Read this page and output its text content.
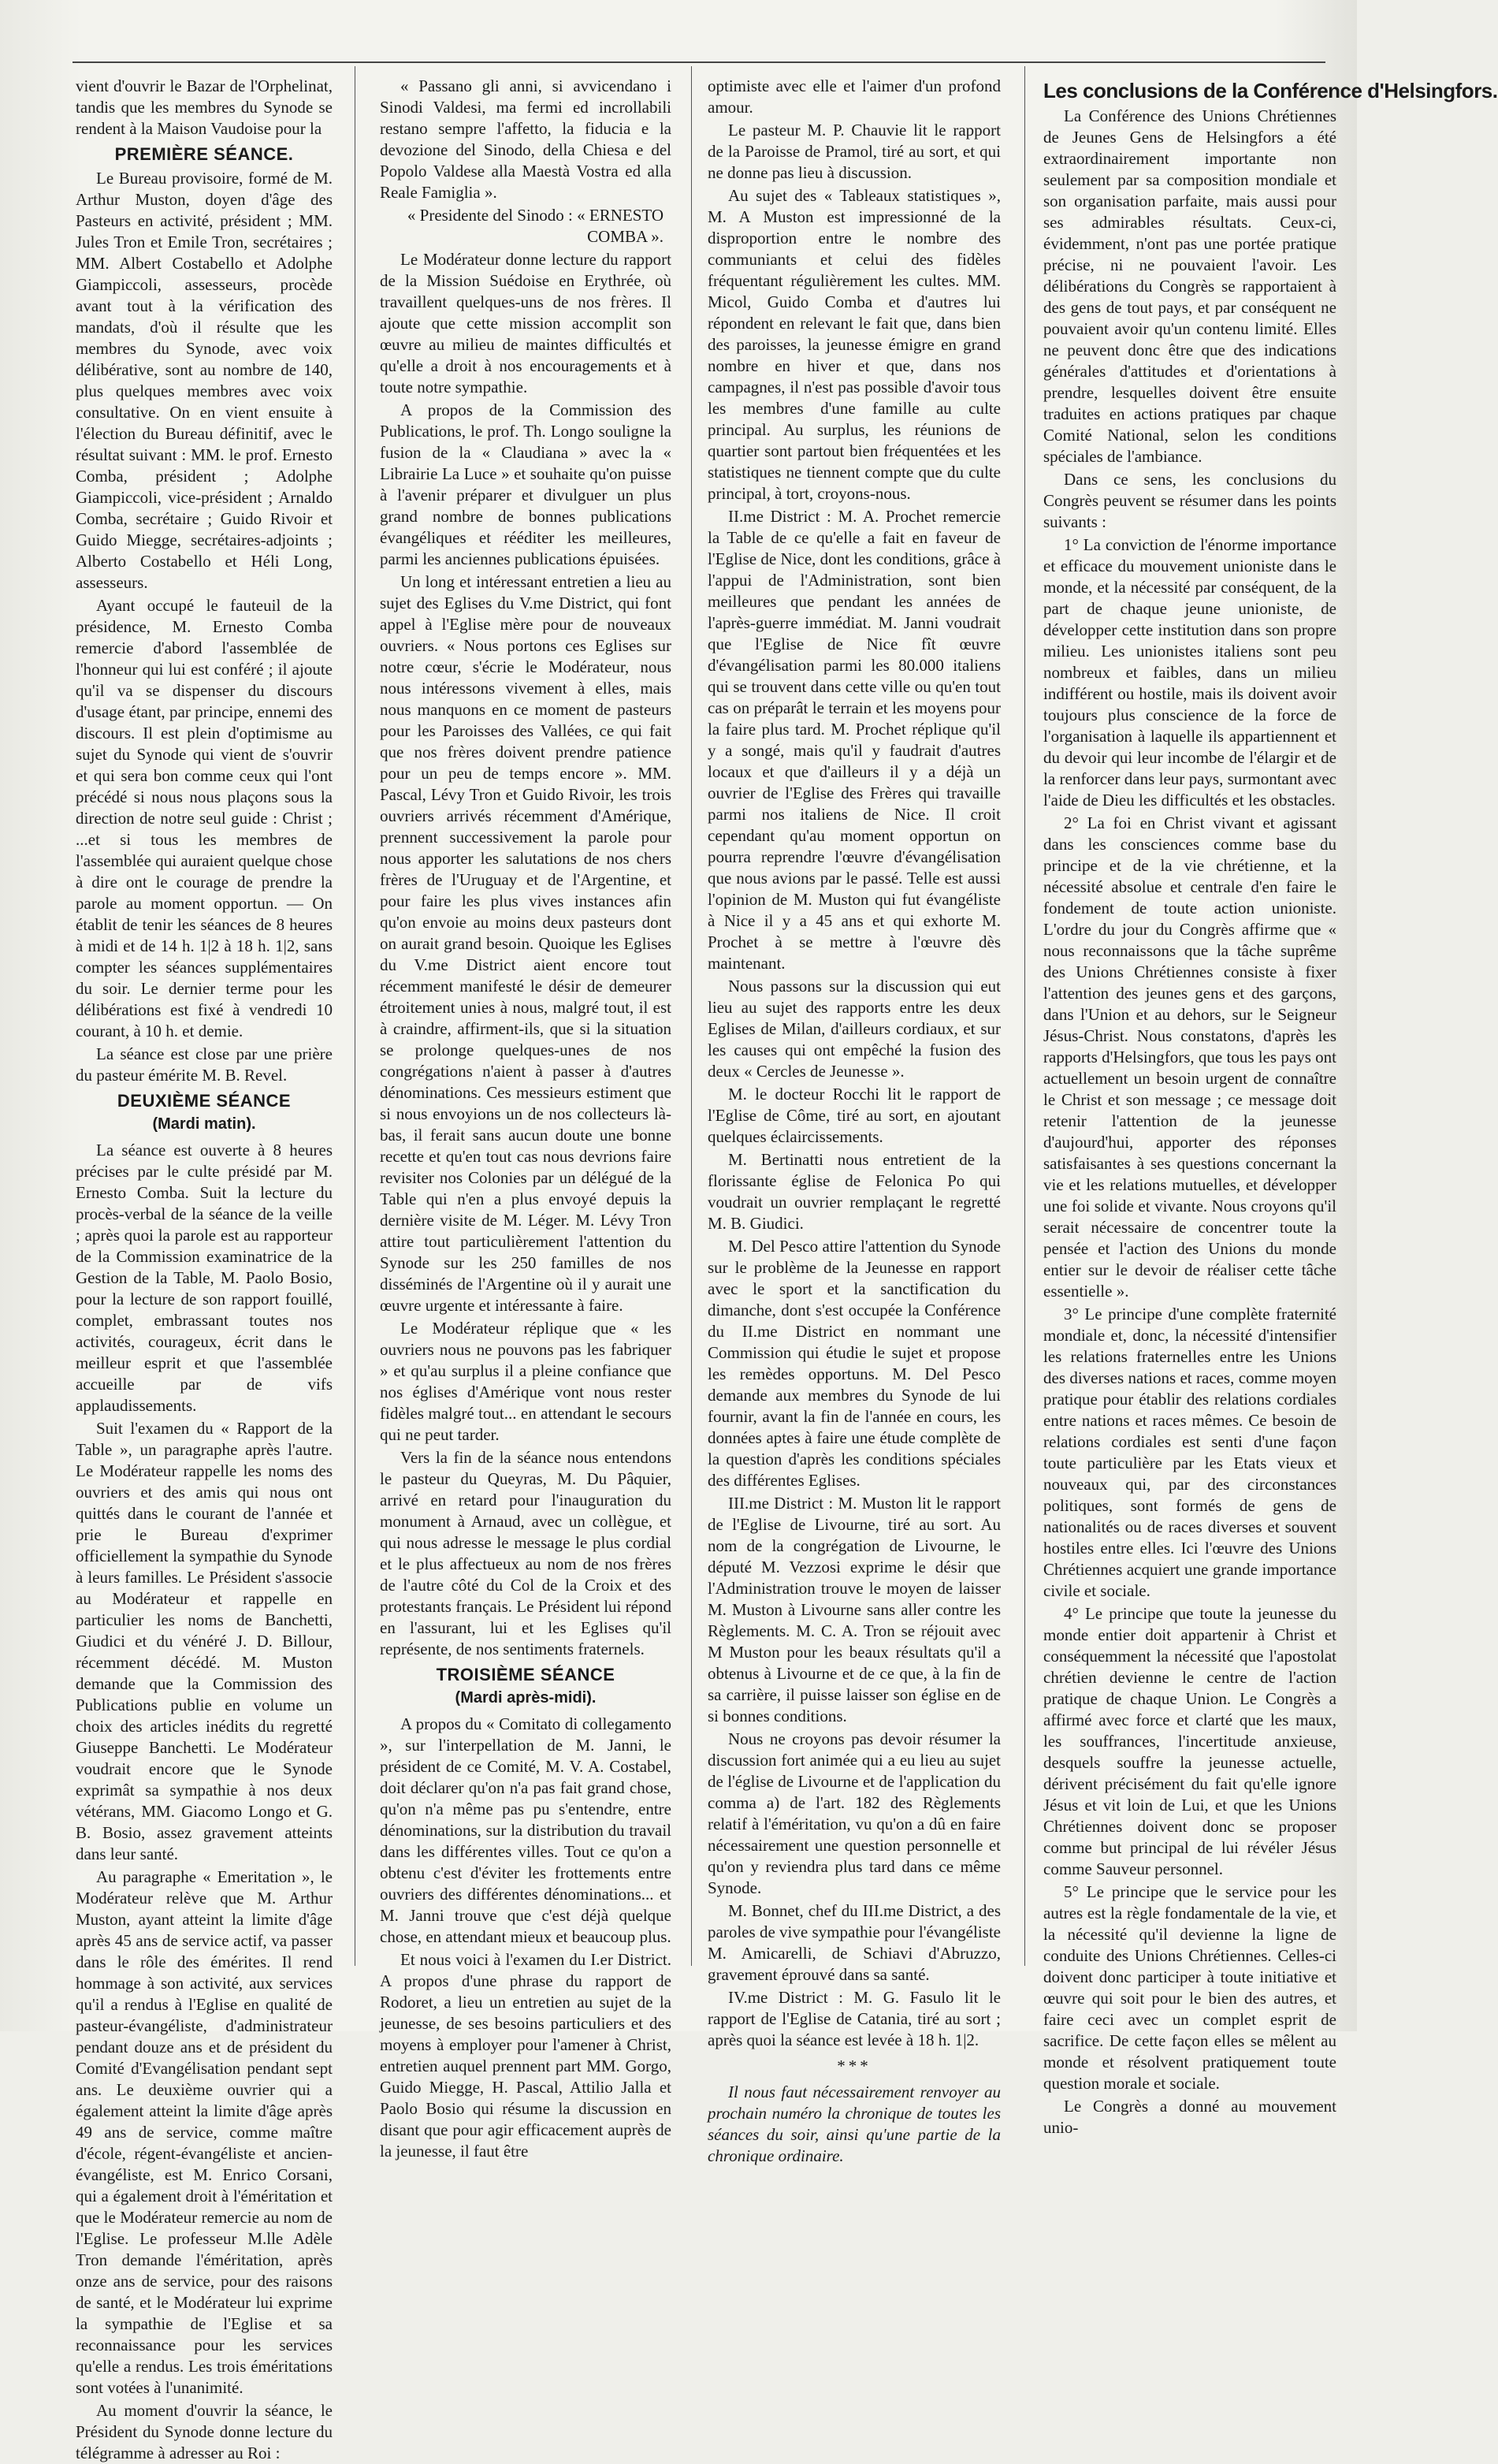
vient d'ouvrir le Bazar de l'Orphelinat, tandis que les membres du Synode se rendent à la Maison Vaudoise pour la

PREMIÈRE SÉANCE.

Le Bureau provisoire, formé de M. Arthur Muston, doyen d'âge des Pasteurs en activité, président ; MM. Jules Tron et Emile Tron, secrétaires ; MM. Albert Costabello et Adolphe Giampiccoli, assesseurs, procède avant tout à la vérification des mandats, d'où il résulte que les membres du Synode, avec voix délibérative, sont au nombre de 140, plus quelques membres avec voix consultative. On en vient ensuite à l'élection du Bureau définitif, avec le résultat suivant : MM. le prof. Ernesto Comba, président ; Adolphe Giampiccoli, vice-président ; Arnaldo Comba, secrétaire ; Guido Rivoir et Guido Miegge, secrétaires-adjoints ; Alberto Costabello et Héli Long, assesseurs.

Ayant occupé le fauteuil de la présidence, M. Ernesto Comba remercie d'abord l'assemblée de l'honneur qui lui est conféré ; il ajoute qu'il va se dispenser du discours d'usage étant, par principe, ennemi des discours. Il est plein d'optimisme au sujet du Synode qui vient de s'ouvrir et qui sera bon comme ceux qui l'ont précédé si nous nous plaçons sous la direction de notre seul guide : Christ ; ...et si tous les membres de l'assemblée qui auraient quelque chose à dire ont le courage de prendre la parole au moment opportun. — On établit de tenir les séances de 8 heures à midi et de 14 h. 1|2 à 18 h. 1|2, sans compter les séances supplémentaires du soir. Le dernier terme pour les délibérations est fixé à vendredi 10 courant, à 10 h. et demie.

La séance est close par une prière du pasteur émérite M. B. Revel.

DEUXIÈME SÉANCE
(Mardi matin).

La séance est ouverte à 8 heures précises par le culte présidé par M. Ernesto Comba. Suit la lecture du procès-verbal de la séance de la veille ; après quoi la parole est au rapporteur de la Commission examinatrice de la Gestion de la Table, M. Paolo Bosio, pour la lecture de son rapport fouillé, complet, embrassant toutes nos activités, courageux, écrit dans le meilleur esprit et que l'assemblée accueille par de vifs applaudissements.

Suit l'examen du « Rapport de la Table », un paragraphe après l'autre. Le Modérateur rappelle les noms des ouvriers et des amis qui nous ont quittés dans le courant de l'année et prie le Bureau d'exprimer officiellement la sympathie du Synode à leurs familles. Le Président s'associe au Modérateur et rappelle en particulier les noms de Banchetti, Giudici et du vénéré J. D. Billour, récemment décédé. M. Muston demande que la Commission des Publications publie en volume un choix des articles inédits du regretté Giuseppe Banchetti. Le Modérateur voudrait encore que le Synode exprimât sa sympathie à nos deux vétérans, MM. Giacomo Longo et G. B. Bosio, assez gravement atteints dans leur santé.

Au paragraphe « Emeritation », le Modérateur relève que M. Arthur Muston, ayant atteint la limite d'âge après 45 ans de service actif, va passer dans le rôle des émérites. Il rend hommage à son activité, aux services qu'il a rendus à l'Eglise en qualité de pasteur-évangéliste, d'administrateur pendant douze ans et de président du Comité d'Evangélisation pendant sept ans. Le deuxième ouvrier qui a également atteint la limite d'âge après 49 ans de service, comme maître d'école, régent-évangéliste et ancien-évangéliste, est M. Enrico Corsani, qui a également droit à l'éméritation et que le Modérateur remercie au nom de l'Eglise. Le professeur M.lle Adèle Tron demande l'éméritation, après onze ans de service, pour des raisons de santé, et le Modérateur lui exprime la sympathie de l'Eglise et sa reconnaissance pour les services qu'elle a rendus. Les trois éméritations sont votées à l'unanimité.

Au moment d'ouvrir la séance, le Président du Synode donne lecture du télégramme à adresser au Roi :

« Passano gli anni, si avvicendano i Sinodi Valdesi, ma fermi ed incrollabili restano sempre l'affetto, la fiducia e la devozione del Sinodo, della Chiesa e del Popolo Valdese alla Maestà Vostra ed alla Reale Famiglia ».

« Presidente del Sinodo : « ERNESTO COMBA ».

Le Modérateur donne lecture du rapport de la Mission Suédoise en Erythrée, où travaillent quelques-uns de nos frères. Il ajoute que cette mission accomplit son œuvre au milieu de maintes difficultés et qu'elle a droit à nos encouragements et à toute notre sympathie.

A propos de la Commission des Publications, le prof. Th. Longo souligne la fusion de la « Claudiana » avec la « Librairie La Luce » et souhaite qu'on puisse à l'avenir préparer et divulguer un plus grand nombre de bonnes publications évangéliques et rééditer les meilleures, parmi les anciennes publications épuisées.

Un long et intéressant entretien a lieu au sujet des Eglises du V.me District, qui font appel à l'Eglise mère pour de nouveaux ouvriers. « Nous portons ces Eglises sur notre cœur, s'écrie le Modérateur, nous nous intéressons vivement à elles, mais nous manquons en ce moment de pasteurs pour les Paroisses des Vallées, ce qui fait que nos frères doivent prendre patience pour un peu de temps encore ». MM. Pascal, Lévy Tron et Guido Rivoir, les trois ouvriers arrivés récemment d'Amérique, prennent successivement la parole pour nous apporter les salutations de nos chers frères de l'Uruguay et de l'Argentine, et pour faire les plus vives instances afin qu'on envoie au moins deux pasteurs dont on aurait grand besoin. Quoique les Eglises du V.me District aient encore tout récemment manifesté le désir de demeurer étroitement unies à nous, malgré tout, il est à craindre, affirment-ils, que si la situation se prolonge quelques-unes de nos congrégations n'aient à passer à d'autres dénominations. Ces messieurs estiment que si nous envoyions un de nos collecteurs là-bas, il ferait sans aucun doute une bonne recette et qu'en tout cas nous devrions faire revisiter nos Colonies par un délégué de la Table qui n'en a plus envoyé depuis la dernière visite de M. Léger. M. Lévy Tron attire tout particulièrement l'attention du Synode sur les 250 familles de nos disséminés de l'Argentine où il y aurait une œuvre urgente et intéressante à faire.

Le Modérateur réplique que « les ouvriers nous ne pouvons pas les fabriquer » et qu'au surplus il a pleine confiance que nos églises d'Amérique vont nous rester fidèles malgré tout... en attendant le secours qui ne peut tarder.

Vers la fin de la séance nous entendons le pasteur du Queyras, M. Du Pâquier, arrivé en retard pour l'inauguration du monument à Arnaud, avec un collègue, et qui nous adresse le message le plus cordial et le plus affectueux au nom de nos frères de l'autre côté du Col de la Croix et des protestants français. Le Président lui répond en l'assurant, lui et les Eglises qu'il représente, de nos sentiments fraternels.

TROISIÈME SÉANCE
(Mardi après-midi).

A propos du « Comitato di collegamento », sur l'interpellation de M. Janni, le président de ce Comité, M. V. A. Costabel, doit déclarer qu'on n'a pas fait grand chose, qu'on n'a même pas pu s'entendre, entre dénominations, sur la distribution du travail dans les différentes villes. Tout ce qu'on a obtenu c'est d'éviter les frottements entre ouvriers des différentes dénominations... et M. Janni trouve que c'est déjà quelque chose, en attendant mieux et beaucoup plus.

Et nous voici à l'examen du I.er District. A propos d'une phrase du rapport de Rodoret, a lieu un entretien au sujet de la jeunesse, de ses besoins particuliers et des moyens à employer pour l'amener à Christ, entretien auquel prennent part MM. Gorgo, Guido Miegge, H. Pascal, Attilio Jalla et Paolo Bosio qui résume la discussion en disant que pour agir efficacement auprès de la jeunesse, il faut être

optimiste avec elle et l'aimer d'un profond amour.

Le pasteur M. P. Chauvie lit le rapport de la Paroisse de Pramol, tiré au sort, et qui ne donne pas lieu à discussion.

Au sujet des « Tableaux statistiques », M. A Muston est impressionné de la disproportion entre le nombre des communiants et celui des fidèles fréquentant régulièrement les cultes. MM. Micol, Guido Comba et d'autres lui répondent en relevant le fait que, dans bien des paroisses, la jeunesse émigre en grand nombre en hiver et que, dans nos campagnes, il n'est pas possible d'avoir tous les membres d'une famille au culte principal. Au surplus, les réunions de quartier sont partout bien fréquentées et les statistiques ne tiennent compte que du culte principal, à tort, croyons-nous.

II.me District : M. A. Prochet remercie la Table de ce qu'elle a fait en faveur de l'Eglise de Nice, dont les conditions, grâce à l'appui de l'Administration, sont bien meilleures que pendant les années de l'après-guerre immédiat. M. Janni voudrait que l'Eglise de Nice fît œuvre d'évangélisation parmi les 80.000 italiens qui se trouvent dans cette ville ou qu'en tout cas on préparât le terrain et les moyens pour la faire plus tard. M. Prochet réplique qu'il y a songé, mais qu'il y faudrait d'autres locaux et que d'ailleurs il y a déjà un ouvrier de l'Eglise des Frères qui travaille parmi nos italiens de Nice. Il croit cependant qu'au moment opportun on pourra reprendre l'œuvre d'évangélisation que nous avions par le passé. Telle est aussi l'opinion de M. Muston qui fut évangéliste à Nice il y a 45 ans et qui exhorte M. Prochet à se mettre à l'œuvre dès maintenant.

Nous passons sur la discussion qui eut lieu au sujet des rapports entre les deux Eglises de Milan, d'ailleurs cordiaux, et sur les causes qui ont empêché la fusion des deux « Cercles de Jeunesse ».

M. le docteur Rocchi lit le rapport de l'Eglise de Côme, tiré au sort, en ajoutant quelques éclaircissements.

M. Bertinatti nous entretient de la florissante église de Felonica Po qui voudrait un ouvrier remplaçant le regretté M. B. Giudici.

M. Del Pesco attire l'attention du Synode sur le problème de la Jeunesse en rapport avec le sport et la sanctification du dimanche, dont s'est occupée la Conférence du II.me District en nommant une Commission qui étudie le sujet et propose les remèdes opportuns. M. Del Pesco demande aux membres du Synode de lui fournir, avant la fin de l'année en cours, les données aptes à faire une étude complète de la question d'après les conditions spéciales des différentes Eglises.

III.me District : M. Muston lit le rapport de l'Eglise de Livourne, tiré au sort. Au nom de la congrégation de Livourne, le député M. Vezzosi exprime le désir que l'Administration trouve le moyen de laisser M. Muston à Livourne sans aller contre les Règlements. M. C. A. Tron se réjouit avec M Muston pour les beaux résultats qu'il a obtenus à Livourne et de ce que, à la fin de sa carrière, il puisse laisser son église en de si bonnes conditions.

Nous ne croyons pas devoir résumer la discussion fort animée qui a eu lieu au sujet de l'église de Livourne et de l'application du comma a) de l'art. 182 des Règlements relatif à l'éméritation, vu qu'on a dû en faire nécessairement une question personnelle et qu'on y reviendra plus tard dans ce même Synode.

M. Bonnet, chef du III.me District, a des paroles de vive sympathie pour l'évangéliste M. Amicarelli, de Schiavi d'Abruzzo, gravement éprouvé dans sa santé.

IV.me District : M. G. Fasulo lit le rapport de l'Eglise de Catania, tiré au sort ; après quoi la séance est levée à 18 h. 1|2.

***

Il nous faut nécessairement renvoyer au prochain numéro la chronique de toutes les séances du soir, ainsi qu'une partie de la chronique ordinaire.

Les conclusions de la Conférence d'Helsingfors.

La Conférence des Unions Chrétiennes de Jeunes Gens de Helsingfors a été extraordinairement importante non seulement par sa composition mondiale et son organisation parfaite, mais aussi pour ses admirables résultats. Ceux-ci, évidemment, n'ont pas une portée pratique précise, ni ne pouvaient l'avoir. Les délibérations du Congrès se rapportaient à des gens de tout pays, et par conséquent ne pouvaient avoir qu'un contenu limité. Elles ne peuvent donc être que des indications générales d'attitudes et d'orientations à prendre, lesquelles doivent être ensuite traduites en actions pratiques par chaque Comité National, selon les conditions spéciales de l'ambiance.

Dans ce sens, les conclusions du Congrès peuvent se résumer dans les points suivants :

1° La conviction de l'énorme importance et efficace du mouvement unioniste dans le monde, et la nécessité par conséquent, de la part de chaque jeune unioniste, de développer cette institution dans son propre milieu. Les unionistes italiens sont peu nombreux et faibles, dans un milieu indifférent ou hostile, mais ils doivent avoir toujours plus conscience de la force de l'organisation à laquelle ils appartiennent et du devoir qui leur incombe de l'élargir et de la renforcer dans leur pays, surmontant avec l'aide de Dieu les difficultés et les obstacles.

2° La foi en Christ vivant et agissant dans les consciences comme base du principe et de la vie chrétienne, et la nécessité absolue et centrale d'en faire le fondement de toute action unioniste. L'ordre du jour du Congrès affirme que « nous reconnaissons que la tâche suprême des Unions Chrétiennes consiste à fixer l'attention des jeunes gens et des garçons, dans l'Union et au dehors, sur le Seigneur Jésus-Christ. Nous constatons, d'après les rapports d'Helsingfors, que tous les pays ont actuellement un besoin urgent de connaître le Christ et son message ; ce message doit retenir l'attention de la jeunesse d'aujourd'hui, apporter des réponses satisfaisantes à ses questions concernant la vie et les relations mutuelles, et développer une foi solide et vivante. Nous croyons qu'il serait nécessaire de concentrer toute la pensée et l'action des Unions du monde entier sur le devoir de réaliser cette tâche essentielle ».

3° Le principe d'une complète fraternité mondiale et, donc, la nécessité d'intensifier les relations fraternelles entre les Unions des diverses nations et races, comme moyen pratique pour établir des relations cordiales entre nations et races mêmes. Ce besoin de relations cordiales est senti d'une façon toute particulière par les Etats vieux et nouveaux qui, par des circonstances politiques, sont formés de gens de nationalités ou de races diverses et souvent hostiles entre elles. Ici l'œuvre des Unions Chrétiennes acquiert une grande importance civile et sociale.

4° Le principe que toute la jeunesse du monde entier doit appartenir à Christ et conséquemment la nécessité que l'apostolat chrétien devienne le centre de l'action pratique de chaque Union. Le Congrès a affirmé avec force et clarté que les maux, les souffrances, l'incertitude anxieuse, desquels souffre la jeunesse actuelle, dérivent précisément du fait qu'elle ignore Jésus et vit loin de Lui, et que les Unions Chrétiennes doivent donc se proposer comme but principal de lui révéler Jésus comme Sauveur personnel.

5° Le principe que le service pour les autres est la règle fondamentale de la vie, et la nécessité qu'il devienne la ligne de conduite des Unions Chrétiennes. Celles-ci doivent donc participer à toute initiative et œuvre qui soit pour le bien des autres, et faire ceci avec un complet esprit de sacrifice. De cette façon elles se mêlent au monde et résolvent pratiquement toute question morale et sociale.

Le Congrès a donné au mouvement unio-
